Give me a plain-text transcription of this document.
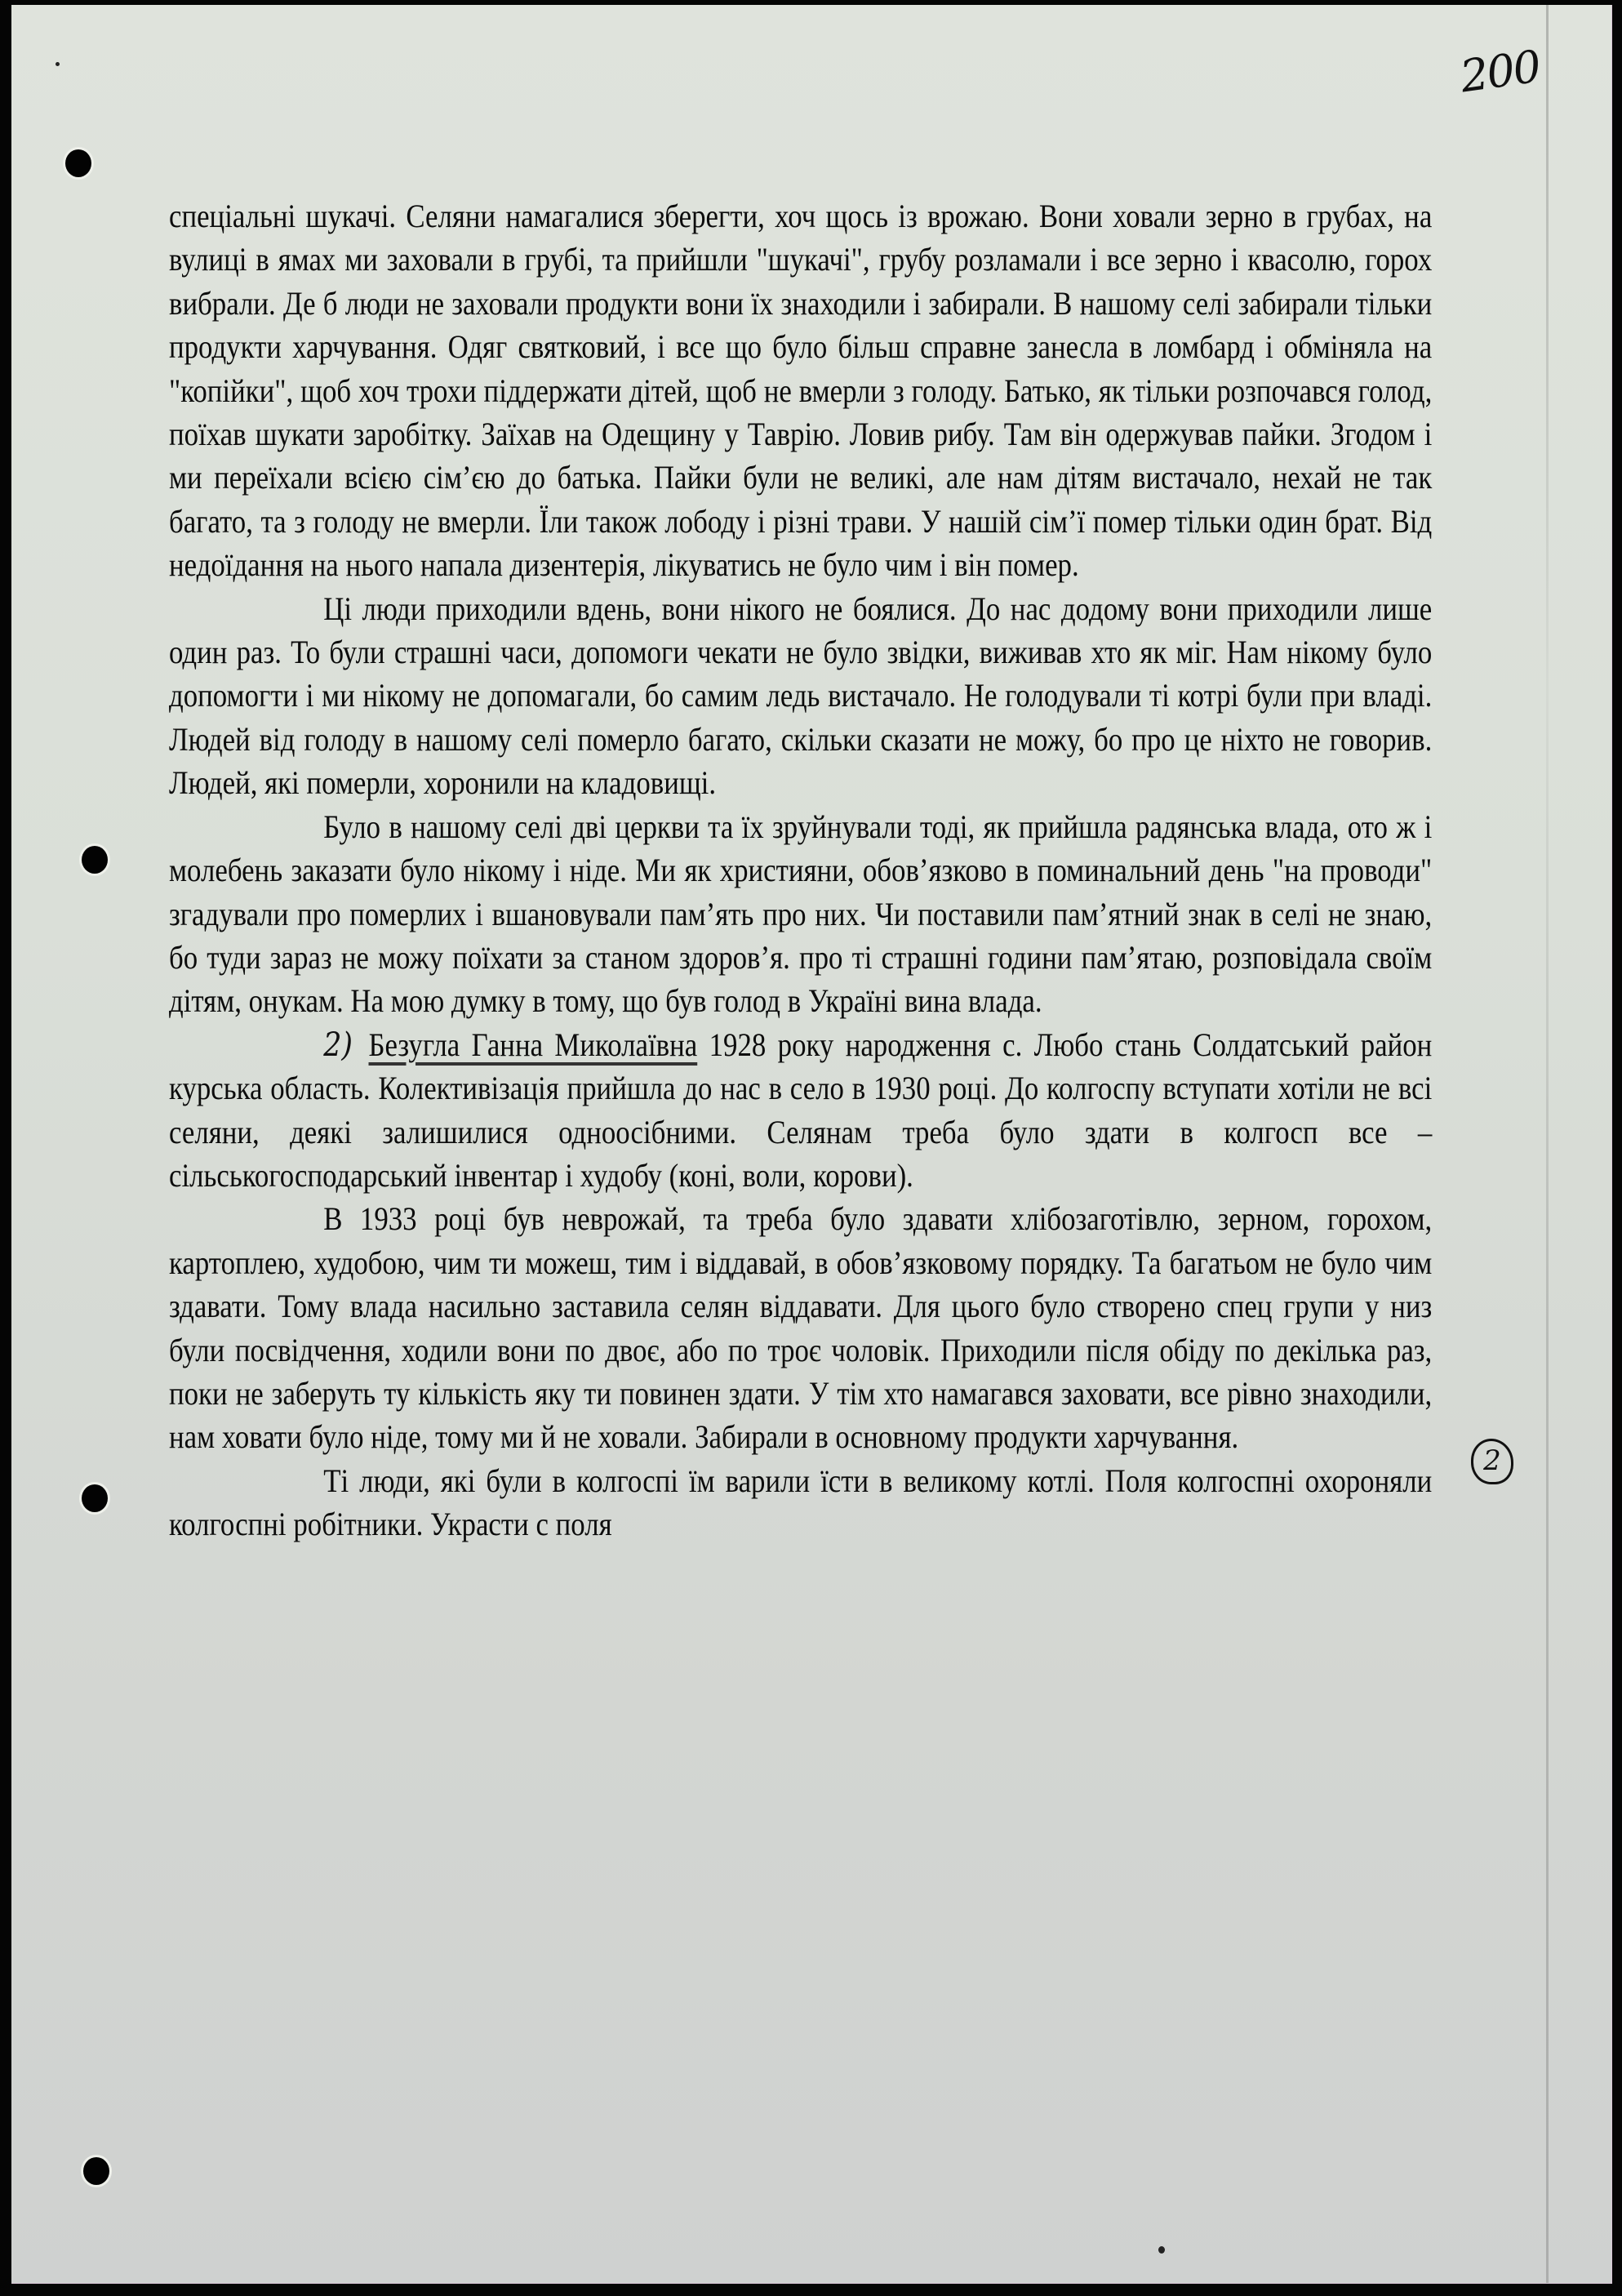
200
2

спеціальні шукачі. Селяни намагалися зберегти, хоч щось із врожаю. Вони ховали зерно в грубах, на вулиці в ямах ми заховали в грубі, та прийшли "шукачі", грубу розламали і все зерно і квасолю, горох вибрали. Де б люди не заховали продукти вони їх знаходили і забирали. В нашому селі забирали тільки продукти харчування. Одяг святковий, і все що було більш справне занесла в ломбард і обміняла на "копійки", щоб хоч трохи піддержати дітей, щоб не вмерли з голоду. Батько, як тільки розпочався голод, поїхав шукати заробітку. Заїхав на Одещину у Таврію. Ловив рибу. Там він одержував пайки. Згодом і ми переїхали всією сім’єю до батька. Пайки були не великі, але нам дітям вистачало, нехай не так багато, та з голоду не вмерли. Їли також лободу і різні трави. У нашій сім’ї помер тільки один брат. Від недоїдання на нього напала дизентерія, лікуватись не було чим і він помер.

Ці люди приходили вдень, вони нікого не боялися. До нас додому вони приходили лише один раз. То були страшні часи, допомоги чекати не було звідки, виживав хто як міг. Нам нікому було допомогти і ми нікому не допомагали, бо самим ледь вистачало. Не голодували ті котрі були при владі. Людей від голоду в нашому селі померло багато, скільки сказати не можу, бо про це ніхто не говорив. Людей, які померли, хоронили на кладовищі.

Було в нашому селі дві церкви та їх зруйнували тоді, як прийшла радянська влада, ото ж і молебень заказати було нікому і ніде. Ми як християни, обов’язково в поминальний день "на проводи" згадували про померлих і вшановували пам’ять про них. Чи поставили пам’ятний знак в селі не знаю, бо туди зараз не можу поїхати за станом здоров’я. про ті страшні години пам’ятаю, розповідала своїм дітям, онукам. На мою думку в тому, що був голод в Україні вина влада.

2) Безугла Ганна Миколаївна 1928 року народження с. Любо стань Солдатський район курська область. Колективізація прийшла до нас в село в 1930 році. До колгоспу вступати хотіли не всі селяни, деякі залишилися одноосібними. Селянам треба було здати в колгосп все – сільськогосподарський інвентар і худобу (коні, воли, корови).

В 1933 році був неврожай, та треба було здавати хлібозаготівлю, зерном, горохом, картоплею, худобою, чим ти можеш, тим і віддавай, в обов’язковому порядку. Та багатьом не було чим здавати. Тому влада насильно заставила селян віддавати. Для цього було створено спец групи у низ були посвідчення, ходили вони по двоє, або по троє чоловік. Приходили після обіду по декілька раз, поки не заберуть ту кількість яку ти повинен здати. У тім хто намагався заховати, все рівно знаходили, нам ховати було ніде, тому ми й не ховали. Забирали в основному продукти харчування.

Ті люди, які були в колгоспі їм варили їсти в великому котлі. Поля колгоспні охороняли колгоспні робітники. Украсти с поля
